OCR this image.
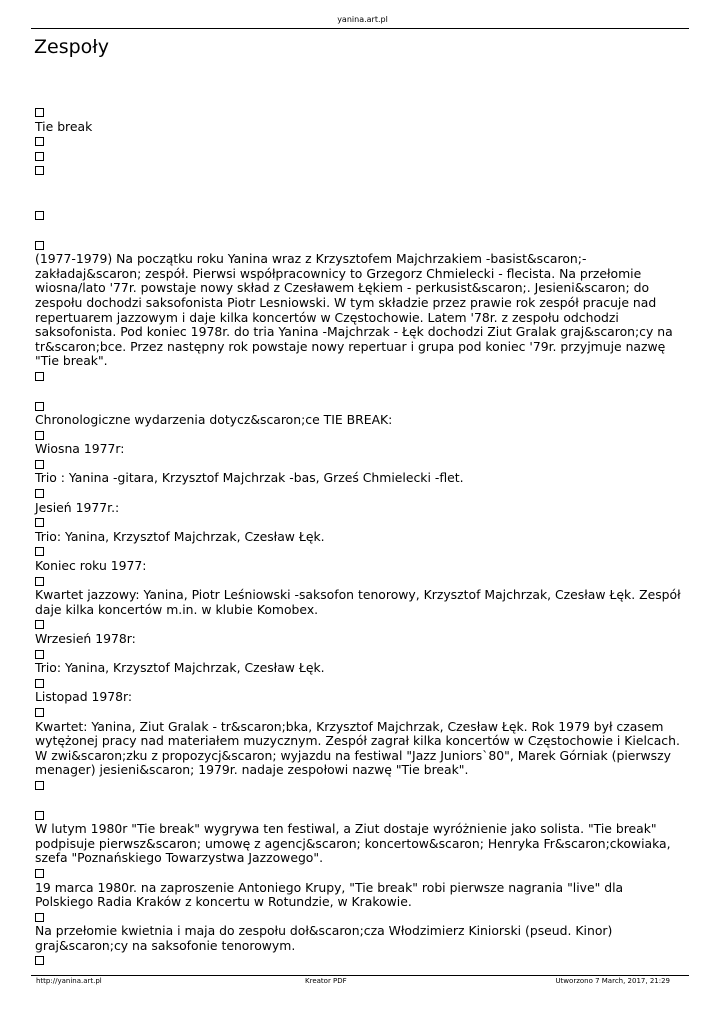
yanina.art.pl
Zespoły
Tie break
(1977-1979) Na początku roku Yanina wraz z Krzysztofem Majchrzakiem -basist&scaron;- zakładaj&scaron; zespół. Pierwsi współpracownicy to Grzegorz Chmielecki - flecista. Na przełomie wiosna/lato '77r. powstaje nowy skład z Czesławem Łękiem - perkusist&scaron;. Jesieni&scaron; do zespołu dochodzi saksofonista Piotr Lesniowski. W tym składzie przez prawie rok zespół pracuje nad repertuarem jazzowym i daje kilka koncertów w Częstochowie. Latem '78r. z zespołu odchodzi saksofonista. Pod koniec 1978r. do tria Yanina -Majchrzak - Łęk dochodzi Ziut Gralak graj&scaron;cy na tr&scaron;bce. Przez następny rok powstaje nowy repertuar i grupa pod koniec '79r. przyjmuje nazwę "Tie break".
Chronologiczne wydarzenia dotycz&scaron;ce TIE BREAK:
Wiosna 1977r:
Trio : Yanina -gitara, Krzysztof Majchrzak -bas, Grześ Chmielecki -flet.
Jesień 1977r.:
Trio: Yanina, Krzysztof Majchrzak, Czesław Łęk.
Koniec roku 1977:
Kwartet jazzowy: Yanina, Piotr Leśniowski -saksofon tenorowy, Krzysztof Majchrzak, Czesław Łęk. Zespół daje kilka koncertów m.in. w klubie Komobex.
Wrzesień 1978r:
Trio: Yanina, Krzysztof Majchrzak, Czesław Łęk.
Listopad 1978r:
Kwartet: Yanina, Ziut Gralak - tr&scaron;bka, Krzysztof Majchrzak, Czesław Łęk. Rok 1979 był czasem wytężonej pracy nad materiałem muzycznym. Zespół zagrał kilka koncertów w Częstochowie i Kielcach. W zwi&scaron;zku z propozycj&scaron; wyjazdu na festiwal "Jazz Juniors`80", Marek Górniak (pierwszy menager) jesieni&scaron; 1979r. nadaje zespołowi nazwę "Tie break".
W lutym 1980r "Tie break" wygrywa ten festiwal, a Ziut dostaje wyróżnienie jako solista. "Tie break" podpisuje pierwsz&scaron; umowę z agencj&scaron; koncertow&scaron; Henryka Fr&scaron;ckowiaka, szefa "Poznańskiego Towarzystwa Jazzowego".
19 marca 1980r. na zaproszenie Antoniego Krupy, "Tie break" robi pierwsze nagrania "live" dla Polskiego Radia Kraków z koncertu w Rotundzie, w Krakowie.
Na przełomie kwietnia i maja do zespołu doł&scaron;cza Włodzimierz Kiniorski (pseud. Kinor) graj&scaron;cy na saksofonie tenorowym.
http://yanina.art.pl	Kreator PDF	Utworzono 7 March, 2017, 21:29
